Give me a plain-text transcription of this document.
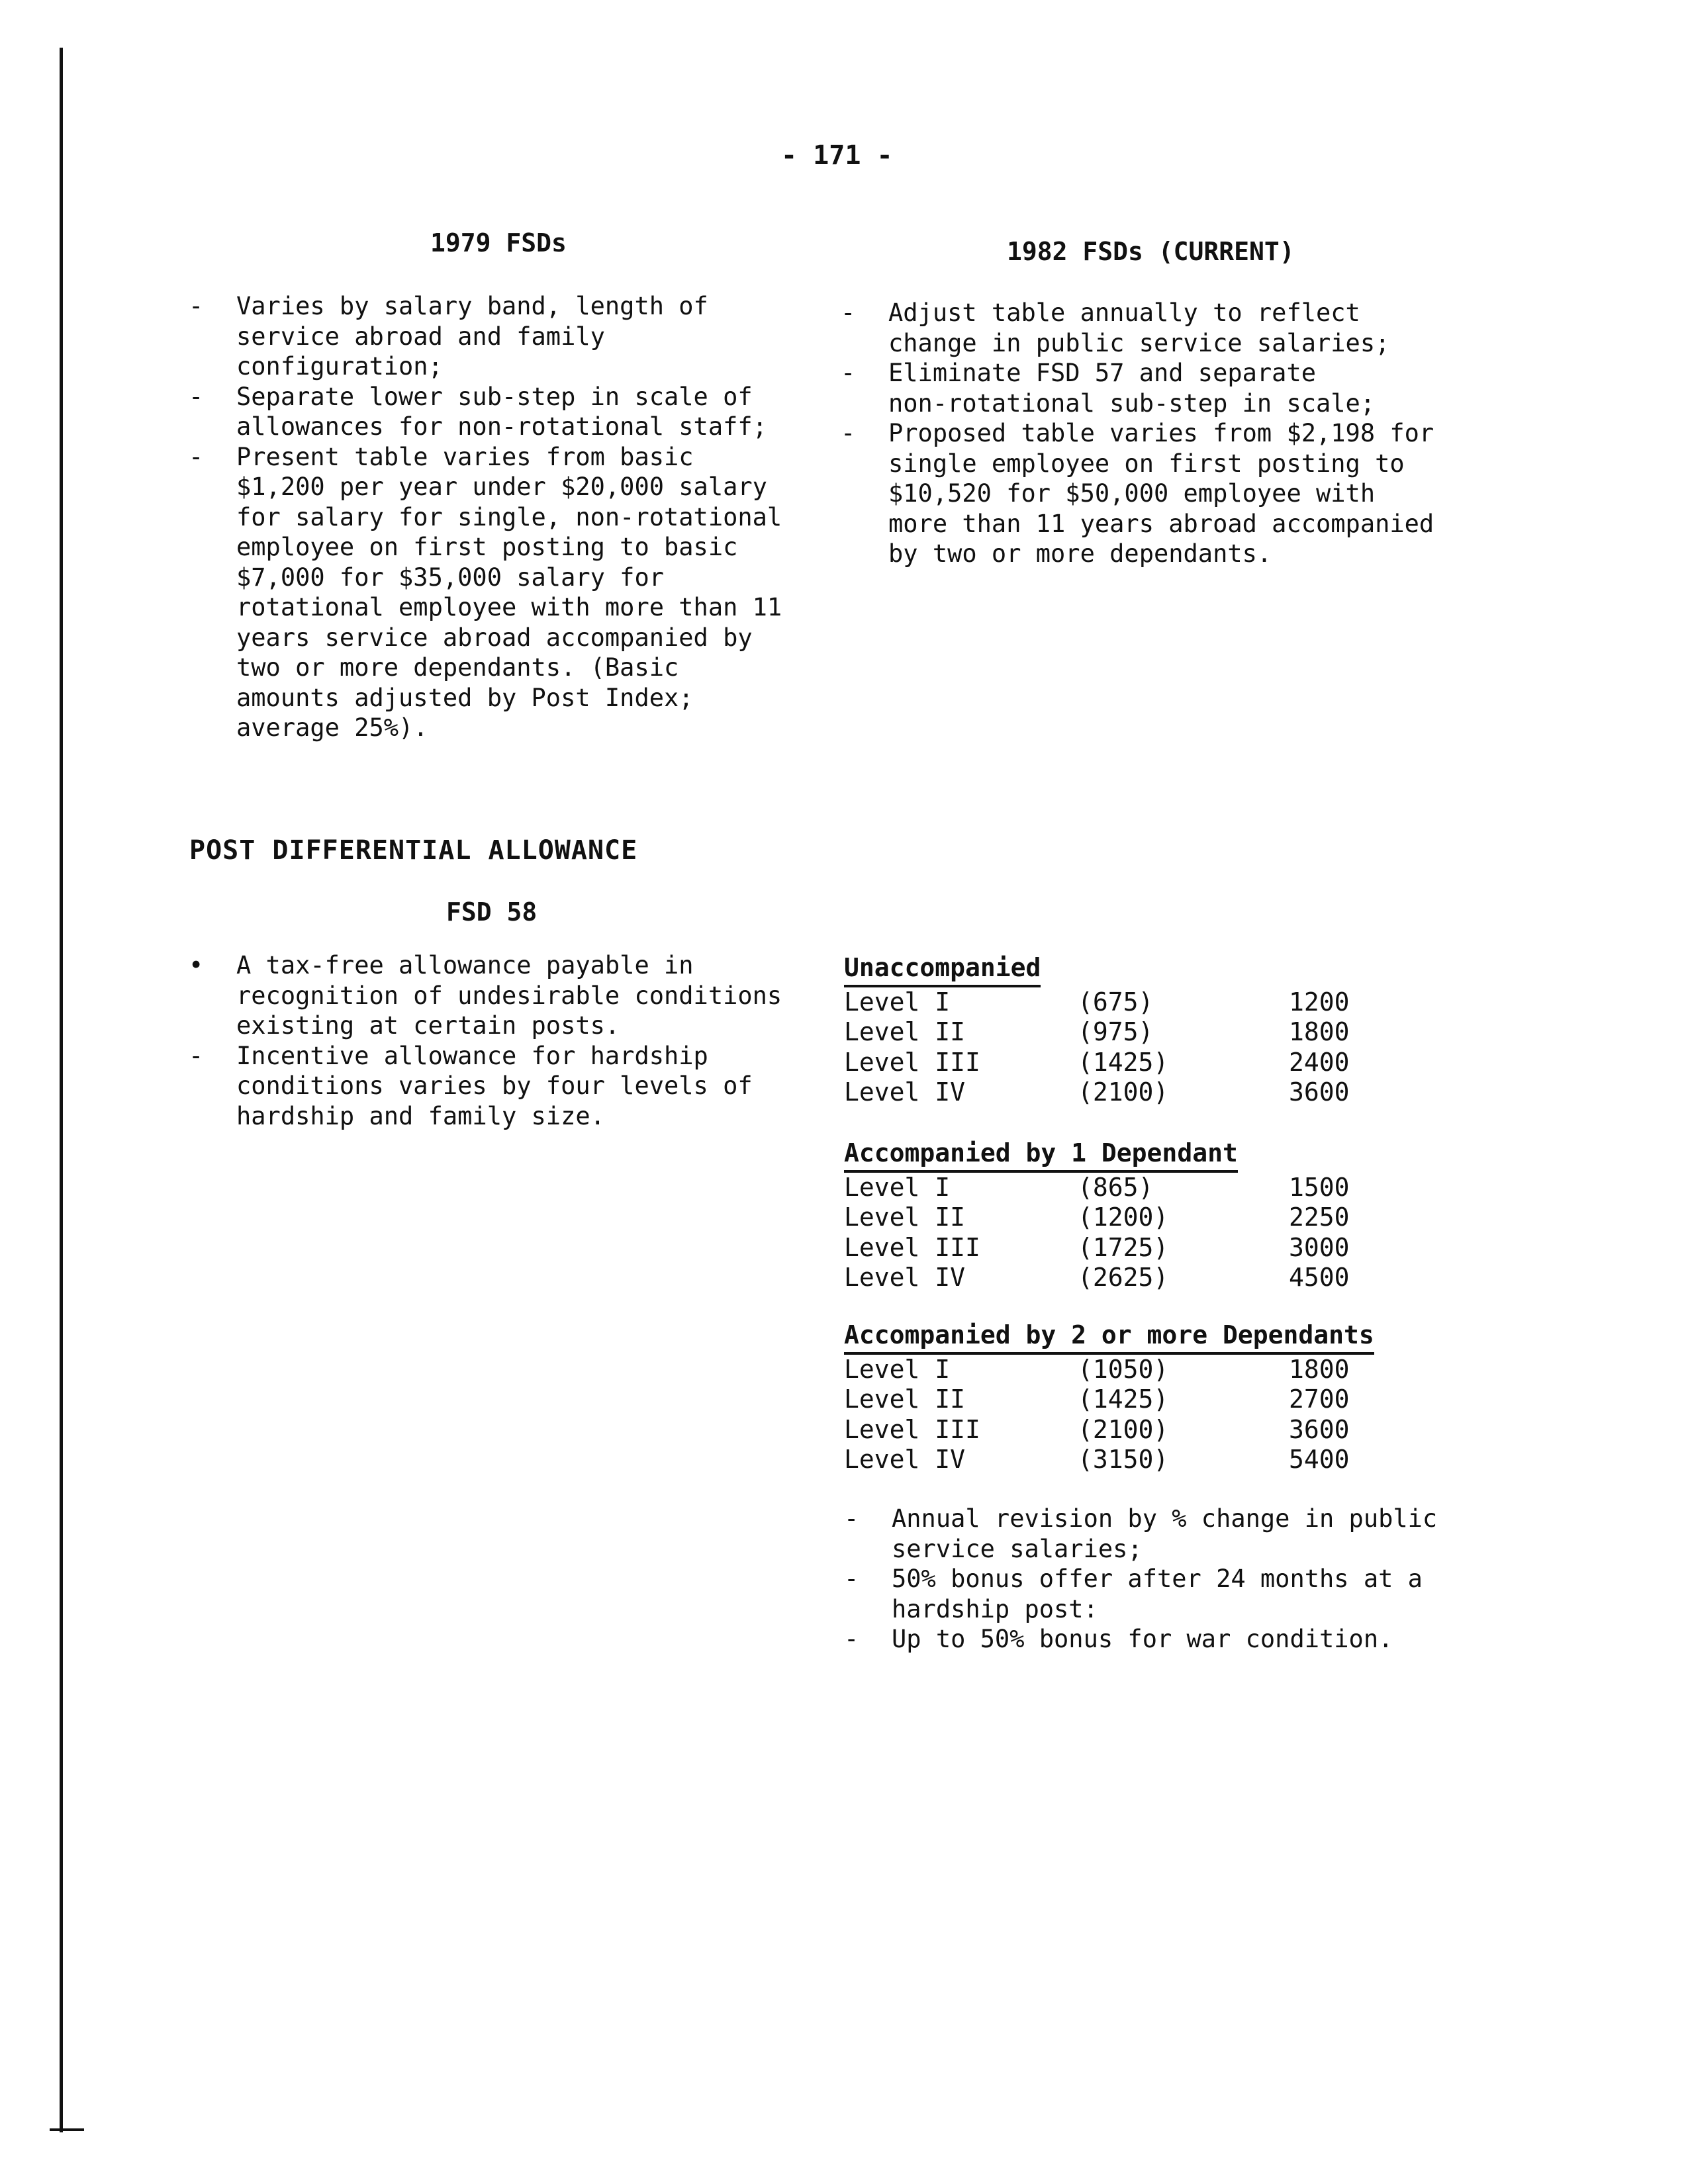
- 171 -
1979 FSDs	1982 FSDs (CURRENT)
- Varies by salary band, length of
service abroad and family
configuration;
- Separate lower sub-step in scale of
allowances for non-rotational staff;
- Present table varies from basic
$1,200 per year under $20,000 salary
for salary for single, non-rotational
employee on first posting to basic
$7,000 for $35,000 salary for
rotational employee with more than 11
years service abroad accompanied by
two or more dependants. (Basic
amounts adjusted by Post Index;
average 25%).
- Adjust table annually to reflect
change in public service salaries;
- Eliminate FSD 57 and separate
non-rotational sub-step in scale;
- Proposed table varies from $2,198 for
single employee on first posting to
$10,520 for $50,000 employee with
more than 11 years abroad accompanied
by two or more dependants.
POST DIFFERENTIAL ALLOWANCE
FSD 58
• A tax-free allowance payable in
recognition of undesirable conditions
existing at certain posts.
- Incentive allowance for hardship
conditions varies by four levels of
hardship and family size.
Unaccompanied
Level I	(675)	1200
Level II	(975)	1800
Level III	(1425)	2400
Level IV	(2100)	3600
Accompanied by 1 Dependant
Level I	(865)	1500
Level II	(1200)	2250
Level III	(1725)	3000
Level IV	(2625)	4500
Accompanied by 2 or more Dependants
Level I	(1050)	1800
Level II	(1425)	2700
Level III	(2100)	3600
Level IV	(3150)	5400
- Annual revision by % change in public
service salaries;
- 50% bonus offer after 24 months at a
hardship post:
- Up to 50% bonus for war condition.
